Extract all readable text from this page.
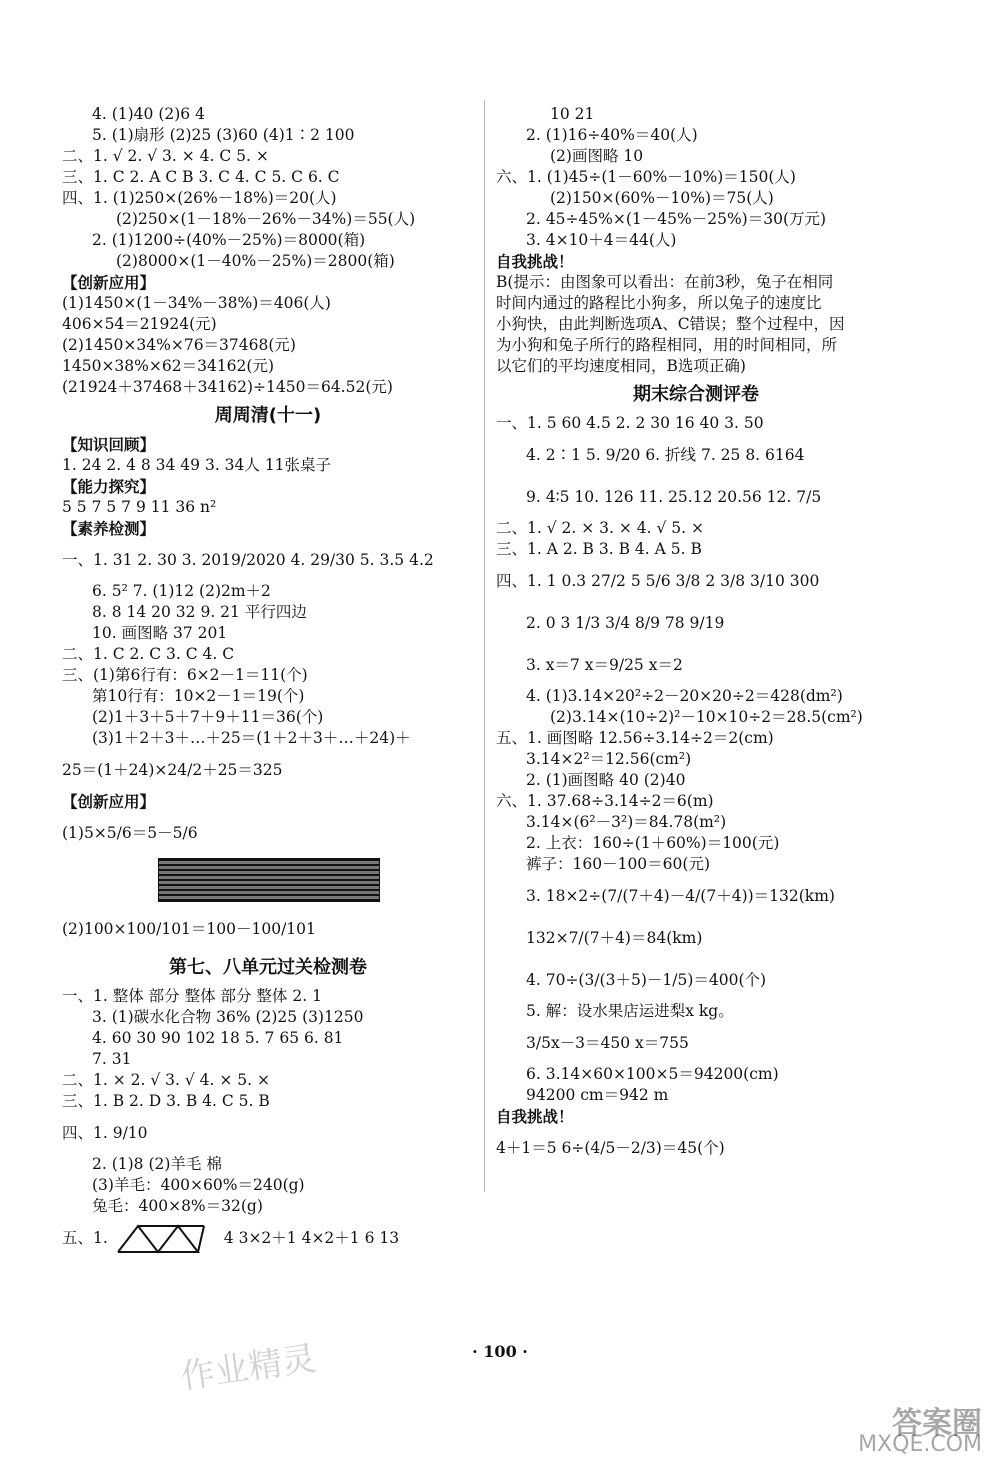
4. (1)40 (2)6 4
5. (1)扇形 (2)25 (3)60 (4)1∶2 100
二、1. √ 2. √ 3. × 4. C 5. ×
三、1. C 2. A C B 3. C 4. C 5. C 6. C
四、1. (1)250×(26%－18%)＝20(人)
(2)250×(1－18%－26%－34%)＝55(人)
2. (1)1200÷(40%－25%)＝8000(箱)
(2)8000×(1－40%－25%)＝2800(箱)
【创新应用】
(1)1450×(1－34%－38%)＝406(人)
406×54＝21924(元)
(2)1450×34%×76＝37468(元)
1450×38%×62＝34162(元)
(21924＋37468＋34162)÷1450＝64.52(元)
周周清(十一)
【知识回顾】
1. 24 2. 4 8 34 49 3. 34人 11张桌子
【能力探究】
5 5 7 5 7 9 11 36 n²
【素养检测】
一、1. 31 2. 30 3. 2019/2020 4. 29/30 5. 3.5 4.2
6. 5² 7. (1)12 (2)2m＋2
8. 8 14 20 32 9. 21 平行四边
10. 画图略 37 201
二、1. C 2. C 3. C 4. C
三、(1)第6行有：6×2－1＝11(个)
第10行有：10×2－1＝19(个)
(2)1＋3＋5＋7＋9＋11＝36(个)
(3)1＋2＋3＋…＋25＝(1＋2＋3＋…＋24)＋
25＝(1＋24)×24/2＋25＝325
【创新应用】
(1)5×5/6＝5－5/6
(2)100×100/101＝100－100/101
第七、八单元过关检测卷
一、1. 整体 部分 整体 部分 整体 2. 1
3. (1)碳水化合物 36% (2)25 (3)1250
4. 60 30 90 102 18 5. 7 65 6. 81
7. 31
二、1. × 2. √ 3. √ 4. × 5. ×
三、1. B 2. D 3. B 4. C 5. B
四、1. 9/10
2. (1)8 (2)羊毛 棉
(3)羊毛：400×60%＝240(g)
兔毛：400×8%＝32(g)
五、1.	4 3×2＋1 4×2＋1 6 13
10 21
2. (1)16÷40%＝40(人)
(2)画图略 10
六、1. (1)45÷(1－60%－10%)＝150(人)
(2)150×(60%－10%)＝75(人)
2. 45÷45%×(1－45%－25%)＝30(万元)
3. 4×10＋4＝44(人)
自我挑战！
B(提示：由图象可以看出：在前3秒，兔子在相同
时间内通过的路程比小狗多，所以兔子的速度比
小狗快，由此判断选项A、C错误；整个过程中，因
为小狗和兔子所行的路程相同，用的时间相同，所
以它们的平均速度相同，B选项正确)
期末综合测评卷
一、1. 5 60 4.5 2. 2 30 16 40 3. 50
4. 2∶1 5. 9/20 6. 折线 7. 25 8. 6164
9. 4∶5 10. 126 11. 25.12 20.56 12. 7/5
二、1. √ 2. × 3. × 4. √ 5. ×
三、1. A 2. B 3. B 4. A 5. B
四、1. 1 0.3 27/2 5 5/6 3/8 2 3/8 3/10 300
2. 0 3 1/3 3/4 8/9 78 9/19
3. x＝7 x＝9/25 x＝2
4. (1)3.14×20²÷2－20×20÷2＝428(dm²)
(2)3.14×(10÷2)²－10×10÷2＝28.5(cm²)
五、1. 画图略 12.56÷3.14÷2＝2(cm)
3.14×2²＝12.56(cm²)
2. (1)画图略 40 (2)40
六、1. 37.68÷3.14÷2＝6(m)
3.14×(6²－3²)＝84.78(m²)
2. 上衣：160÷(1＋60%)＝100(元)
裤子：160－100＝60(元)
3. 18×2÷(7/(7＋4)－4/(7＋4))＝132(km)
132×7/(7＋4)＝84(km)
4. 70÷(3/(3＋5)－1/5)＝400(个)
5. 解：设水果店运进梨x kg。
3/5x－3＝450 x＝755
6. 3.14×60×100×5＝94200(cm)
94200 cm＝942 m
自我挑战！
4＋1＝5 6÷(4/5－2/3)＝45(个)
· 100 ·
作业精灵
答案圈
MXQE.COM
